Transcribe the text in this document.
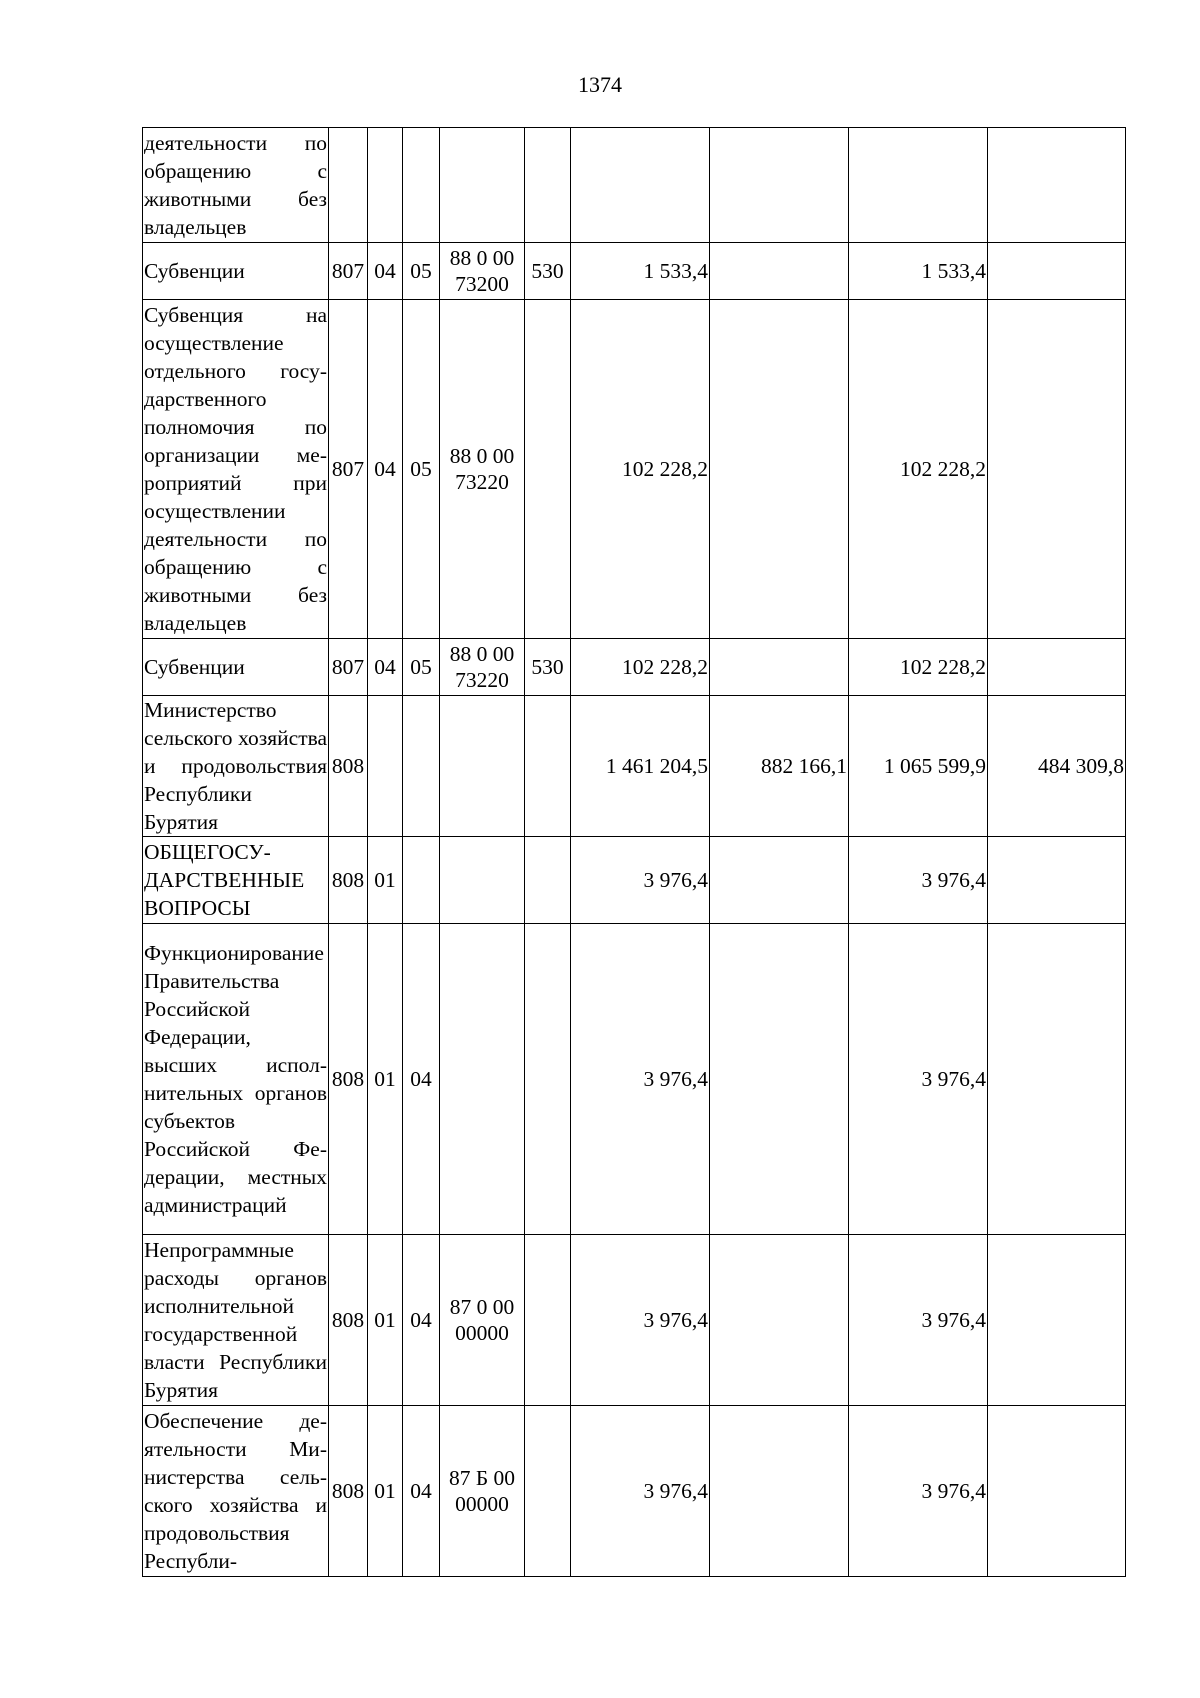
1374
деятельности по обращению с животными без владельцев									
Субвенции	807	04	05	88 0 00 73200	530	1 533,4		1 533,4	
Субвенция на осуществление отдельного государственного полномочия по организации мероприятий при осуществлении деятельности по обращению с животными без владельцев	807	04	05	88 0 00 73220		102 228,2		102 228,2	
Субвенции	807	04	05	88 0 00 73220	530	102 228,2		102 228,2	
Министерство сельского хозяйства и продовольствия Республики Бурятия	808					1 461 204,5	882 166,1	1 065 599,9	484 309,8
ОБЩЕГОСУДАРСТВЕННЫЕ ВОПРОСЫ	808	01				3 976,4		3 976,4	
Функционирование Правительства Российской Федерации, высших исполнительных органов субъектов Российской Федерации, местных администраций	808	01	04			3 976,4		3 976,4	
Непрограммные расходы органов исполнительной государственной власти Республики Бурятия	808	01	04	87 0 00 00000		3 976,4		3 976,4	
Обеспечение деятельности Министерства сельского хозяйства и продовольствия Республи-	808	01	04	87 Б 00 00000		3 976,4		3 976,4	
